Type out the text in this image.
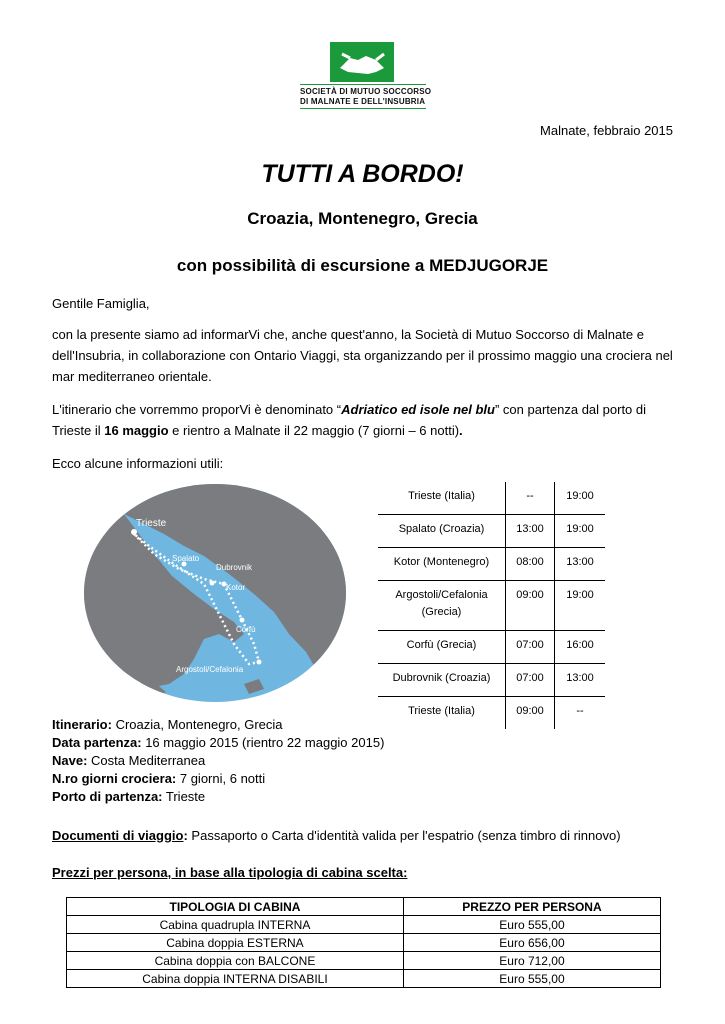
SOCIETÀ DI MUTUO SOCCORSO
DI MALNATE E DELL'INSUBRIA
Malnate, febbraio 2015
TUTTI A BORDO!
Croazia, Montenegro, Grecia
con possibilità di escursione a MEDJUGORJE
Gentile Famiglia,
con la presente siamo ad informarVi che, anche quest'anno, la Società di Mutuo Soccorso di Malnate e dell'Insubria, in collaborazione con Ontario Viaggi, sta organizzando per il prossimo maggio una crociera nel mar mediterraneo orientale.
L'itinerario che vorremmo proporVi è denominato “Adriatico ed isole nel blu” con partenza dal porto di Trieste il 16 maggio e rientro a Malnate il 22 maggio (7 giorni – 6 notti).
Ecco alcune informazioni utili:
Trieste
Spalato
Dubrovnik
Kotor
Corfù
Argostoli/Cefalonia
Trieste (Italia)	--	19:00
Spalato (Croazia)	13:00	19:00
Kotor (Montenegro)	08:00	13:00
Argostoli/Cefalonia (Grecia)	09:00	19:00
Corfù (Grecia)	07:00	16:00
Dubrovnik (Croazia)	07:00	13:00
Trieste (Italia)	09:00	--
Itinerario: Croazia, Montenegro, Grecia
Data partenza: 16 maggio 2015 (rientro 22 maggio 2015)
Nave: Costa Mediterranea
N.ro giorni crociera: 7 giorni, 6 notti
Porto di partenza: Trieste
Documenti di viaggio: Passaporto o Carta d'identità valida per l'espatrio (senza timbro di rinnovo)
Prezzi per persona, in base alla tipologia di cabina scelta:
TIPOLOGIA DI CABINA	PREZZO PER PERSONA
Cabina quadrupla INTERNA	Euro 555,00
Cabina doppia ESTERNA	Euro 656,00
Cabina doppia con BALCONE	Euro 712,00
Cabina doppia INTERNA DISABILI	Euro 555,00
